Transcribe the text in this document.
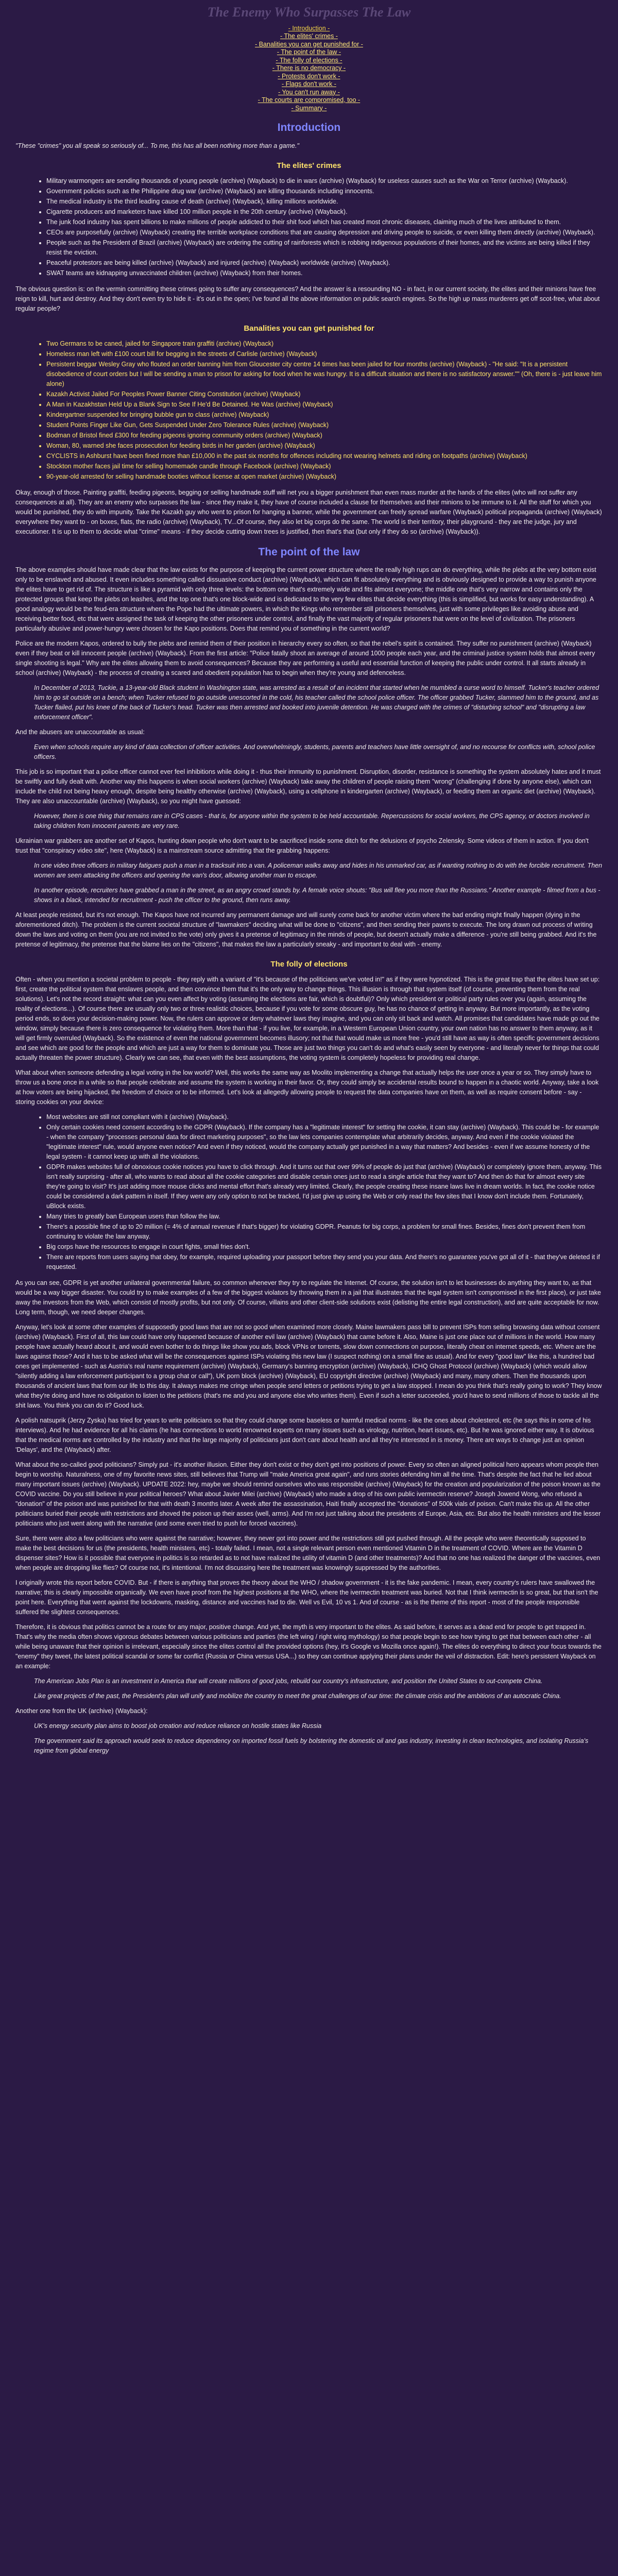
The Enemy Who Surpasses The Law
- Introduction -
- The elites' crimes -
- Banalities you can get punished for -
- The point of the law -
- The folly of elections -
- There is no democracy -
- Protests don't work -
- Flags don't work -
- You can't run away -
- The courts are compromised, too -
- Summary -
Introduction

"These "crimes" you all speak so seriously of... To me, this has all been nothing more than a game."

The elites' crimes
• Military warmongers are sending thousands of young people (archive) (Wayback) to die in wars (archive) (Wayback) for useless causes such as the War on Terror (archive) (Wayback).
• Government policies such as the Philippine drug war (archive) (Wayback) are killing thousands including innocents.
• The medical industry is the third leading cause of death (archive) (Wayback), killing millions worldwide.
• Cigarette producers and marketers have killed 100 million people in the 20th century (archive) (Wayback).
• The junk food industry has spent billions to make millions of people addicted to their shit food which has created most chronic diseases, claiming much of the lives attributed to them.
• CEOs are purposefully (archive) (Wayback) creating the terrible workplace conditions that are causing depression and driving people to suicide, or even killing them directly (archive) (Wayback).
• People such as the President of Brazil (archive) (Wayback) are ordering the cutting of rainforests which is robbing indigenous populations of their homes, and the victims are being killed if they resist the eviction.
• Peaceful protestors are being killed (archive) (Wayback) and injured (archive) (Wayback) worldwide (archive) (Wayback).
• SWAT teams are kidnapping unvaccinated children (archive) (Wayback) from their homes.

The obvious question is: on the vermin committing these crimes going to suffer any consequences? And the answer is a resounding NO - in fact, in our current society, the elites and their minions have free reign to kill, hurt and destroy. And they don't even try to hide it - it's out in the open; I've found all the above information on public search engines. So the high up mass murderers get off scot-free, what about regular people?

Banalities you can get punished for
• Two Germans to be caned, jailed for Singapore train graffiti (archive) (Wayback)
• Homeless man left with £100 court bill for begging in the streets of Carlisle (archive) (Wayback)
• Persistent beggar Wesley Gray who flouted an order banning him from Gloucester city centre 14 times has been jailed for four months (archive) (Wayback) - "He said: "It is a persistent disobedience of court orders but I will be sending a man to prison for asking for food when he was hungry. It is a difficult situation and there is no satisfactory answer."" (Oh, there is - just leave him alone)
• Kazakh Activist Jailed For Peoples Power Banner Citing Constitution (archive) (Wayback)
• A Man in Kazakhstan Held Up a Blank Sign to See If He'd Be Detained. He Was (archive) (Wayback)
• Kindergartner suspended for bringing bubble gun to class (archive) (Wayback)
• Student Points Finger Like Gun, Gets Suspended Under Zero Tolerance Rules (archive) (Wayback)
• Bodman of Bristol fined £300 for feeding pigeons ignoring community orders (archive) (Wayback)
• Woman, 80, warned she faces prosecution for feeding birds in her garden (archive) (Wayback)
• CYCLISTS in Ashburst have been fined more than £10,000 in the past six months for offences including not wearing helmets and riding on footpaths (archive) (Wayback)
• Stockton mother faces jail time for selling homemade candle through Facebook (archive) (Wayback)
• 90-year-old arrested for selling handmade booties without license at open market (archive) (Wayback)

Okay, enough of those. Painting graffiti, feeding pigeons, begging or selling handmade stuff will net you a bigger punishment than even mass murder at the hands of the elites (who will not suffer any consequences at all). They are an enemy who surpasses the law - since they make it, they have of course included a clause for themselves and their minions to be immune to it. All the stuff for which you would be punished, they do with impunity. Take the Kazakh guy who went to prison for hanging a banner, while the government can freely spread warfare (Wayback) political propaganda (archive) (Wayback) everywhere they want to - on boxes, flats, the radio (archive) (Wayback), TV...Of course, they also let big corps do the same. The world is their territory, their playground - they are the judge, jury and executioner. It is up to them to decide what "crime" means - if they decide cutting down trees is justified, then that's that (but only if they do so (archive) (Wayback)).

The point of the law

The above examples should have made clear that the law exists for the purpose of keeping the current power structure where the really high rups can do everything, while the plebs at the very bottom exist only to be enslaved and abused. It even includes something called dissuasive conduct (archive) (Wayback), which can fit absolutely everything and is obviously designed to provide a way to punish anyone the elites have to get rid of. The structure is like a pyramid with only three levels: the bottom one that's extremely wide and fits almost everyone; the middle one that's very narrow and contains only the protected groups that keep the plebs on leashes, and the top one that's one block-wide and is dedicated to the very few elites that decide everything (this is simplified, but works for easy understanding). A good analogy would be the feud-era structure where the Pope had the ultimate powers, in which the Kings who remember still prisoners themselves, just with some privileges like avoiding abuse and receiving better food, etc that were assigned the task of keeping the other prisoners under control, and finally the vast majority of regular prisoners that were on the level of civilization. The prisoners particularly abusive and power-hungry were chosen for the Kapo positions. Does that remind you of something in the current world?

Police are the modern Kapos, ordered to bully the plebs and remind them of their position in hierarchy every so often, so that the rebel's spirit is contained. They suffer no punishment (archive) (Wayback) even if they beat or kill innocent people (archive) (Wayback). From the first article: "Police fatally shoot an average of around 1000 people each year, and the criminal justice system holds that almost every single shooting is legal." Why are the elites allowing them to avoid consequences? Because they are performing a useful and essential function of keeping the public under control. It all starts already in school (archive) (Wayback) - the process of creating a scared and obedient population has to begin when they're young and defenceless.

In December of 2013, Tuckie, a 13-year-old Black student in Washington state, was arrested as a result of an incident that started when he mumbled a curse word to himself. Tucker's teacher ordered him to go sit outside on a bench; when Tucker refused to go outside unescorted in the cold, his teacher called the school police officer. The officer grabbed Tucker, slammed him to the ground, and as Tucker flailed, put his knee of the back of Tucker's head. Tucker was then arrested and booked into juvenile detention. He was charged with the crimes of "disturbing school" and "disrupting a law enforcement officer".

And the abusers are unaccountable as usual:

Even when schools require any kind of data collection of officer activities. And overwhelmingly, students, parents and teachers have little oversight of, and no recourse for conflicts with, school police officers.

This job is so important that a police officer cannot ever feel inhibitions while doing it - thus their immunity to punishment. Disruption, disorder, resistance is something the system absolutely hates and it must be swiftly and fully dealt with. Another way this happens is when social workers (archive) (Wayback) take away the children of people raising them "wrong" (challenging if done by anyone else), which can include the child not being heavy enough, despite being healthy otherwise (archive) (Wayback), using a cellphone in kindergarten (archive) (Wayback), or feeding them an organic diet (archive) (Wayback). They are also unaccountable (archive) (Wayback), so you might have guessed:

However, there is one thing that remains rare in CPS cases - that is, for anyone within the system to be held accountable. Repercussions for social workers, the CPS agency, or doctors involved in taking children from innocent parents are very rare.

Ukrainian war grabbers are another set of Kapos, hunting down people who don't want to be sacrificed inside some ditch for the delusions of psycho Zelensky. Some videos of them in action. If you don't trust that "conspiracy video site", here (Wayback) is a mainstream source admitting that the grabbing happens:

In one video three officers in military fatigues push a man in a tracksuit into a van. A policeman walks away and hides in his unmarked car, as if wanting nothing to do with the forcible recruitment. Then women are seen attacking the officers and opening the van's door, allowing another man to escape.

In another episode, recruiters have grabbed a man in the street, as an angry crowd stands by. A female voice shouts: "Bus will flee you more than the Russians." Another example - filmed from a bus - shows in a black, intended for recruitment - push the officer to the ground, then runs away.

At least people resisted, but it's not enough. The Kapos have not incurred any permanent damage and will surely come back for another victim where the bad ending might finally happen (dying in the aforementioned ditch). The problem is the current societal structure of "lawmakers" deciding what will be done to "citizens", and then sending their pawns to execute. The long drawn out process of writing down the laws and voting on them (you are not invited to the vote) only gives it a pretense of legitimacy in the minds of people, but doesn't actually make a difference - you're still being grabbed. And it's the pretense of legitimacy, the pretense that the blame lies on the "citizens", that makes the law a particularly sneaky - and important to deal with - enemy.

The folly of elections

Often - when you mention a societal problem to people - they reply with a variant of "it's because of the politicians we've voted in!" as if they were hypnotized. This is the great trap that the elites have set up: first, create the political system that enslaves people, and then convince them that it's the only way to change things. This illusion is through that system itself (of course, preventing them from the real solutions). Let's not the record straight: what can you even affect by voting (assuming the elections are fair, which is doubtful)? Only which president or political party rules over you (again, assuming the reality of elections...). Of course there are usually only two or three realistic choices, because if you vote for some obscure guy, he has no chance of getting in anyway. But more importantly, as the voting period ends, so does your decision-making power. Now, the rulers can approve or deny whatever laws they imagine, and you can only sit back and watch. All promises that candidates have made go out the window, simply because there is zero consequence for violating them. More than that - if you live, for example, in a Western European Union country, your own nation has no answer to them anyway, as it will get firmly overruled (Wayback). So the existence of even the national government becomes illusory; not that that would make us more free - you'd still have as way is often specific government decisions and see which are good for the people and which are just a way for them to dominate you. Those are just two things you can't do and what's easily seen by everyone - and literally never for things that could actually threaten the power structure). Clearly we can see, that even with the best assumptions, the voting system is completely hopeless for providing real change.

What about when someone defending a legal voting in the low world? Well, this works the same way as Moolito implementing a change that actually helps the user once a year or so. They simply have to throw us a bone once in a while so that people celebrate and assume the system is working in their favor. Or, they could simply be accidental results bound to happen in a chaotic world. Anyway, take a look at how voters are being hijacked, the freedom of choice or to be informed. Let's look at allegedly allowing people to request the data companies have on them, as well as require consent before - say - storing cookies on your device:

• Most websites are still not compliant with it (archive) (Wayback).
• Only certain cookies need consent according to the GDPR (Wayback). If the company has a "legitimate interest" for setting the cookie, it can stay (archive) (Wayback). This could be - for example - when the company "processes personal data for direct marketing purposes", so the law lets companies contemplate what arbitrarily decides, anyway. And even if the cookie violated the "legitimate interest" rule, would anyone even notice? And even if they noticed, would the company actually get punished in a way that matters? And besides - even if we assume honesty of the legal system - it cannot keep up with all the violations.
• GDPR makes websites full of obnoxious cookie notices you have to click through. And it turns out that over 99% of people do just that (archive) (Wayback) or completely ignore them, anyway. This isn't really surprising - after all, who wants to read about all the cookie categories and disable certain ones just to read a single article that they want to? And then do that for almost every site they're going to visit? It's just adding more mouse clicks and mental effort that's already very limited. Clearly, the people creating these insane laws live in dream worlds. In fact, the cookie notice could be considered a dark pattern in itself. If they were any only option to not be tracked, I'd just give up using the Web or only read the few sites that I know don't include them. Fortunately, uBlock exists.
• Many tries to greatly ban European users than follow the law.
• There's a possible fine of up to 20 million (= 4% of annual revenue if that's bigger) for violating GDPR. Peanuts for big corps, a problem for small fines. Besides, fines don't prevent them from continuing to violate the law anyway.
• Big corps have the resources to engage in court fights, small fries don't.
• There are reports from users saying that obey, for example, required uploading your passport before they send you your data. And there's no guarantee you've got all of it - that they've deleted it if requested.

As you can see, GDPR is yet another unilateral governmental failure, so common whenever they try to regulate the Internet. Of course, the solution isn't to let businesses do anything they want to, as that would be a way bigger disaster. You could try to make examples of a few of the biggest violators by throwing them in a jail that illustrates that the legal system isn't compromised in the first place), or just take away the investors from the Web, which consist of mostly profits, but not only. Of course, villains and other client-side solutions exist (delisting the entire legal construction), and are quite acceptable for now. Long term, though, we need deeper changes.

Anyway, let's look at some other examples of supposedly good laws that are not so good when examined more closely. Maine lawmakers pass bill to prevent ISPs from selling browsing data without consent (archive) (Wayback). First of all, this law could have only happened because of another evil law (archive) (Wayback) that came before it. Also, Maine is just one place out of millions in the world. How many people have actually heard about it, and would even bother to do things like show you ads, block VPNs or torrents, slow down connections on purpose, literally cheat on internet speeds, etc. Where are the laws against those? And it has to be asked what will be the consequences against ISPs violating this new law (I suspect nothing) on a small fine as usual). And for every "good law" like this, a hundred bad ones get implemented - such as Austria's real name requirement (archive) (Wayback), Germany's banning encryption (archive) (Wayback), ICHQ Ghost Protocol (archive) (Wayback) (which would allow "silently adding a law enforcement participant to a group chat or call"), UK porn block (archive) (Wayback), EU copyright directive (archive) (Wayback) and many, many others. Then the thousands upon thousands of ancient laws that form our life to this day. It always makes me cringe when people send letters or petitions trying to get a law stopped. I mean do you think that's really going to work? They know what they're doing and have no obligation to listen to the petitions (that's me and you and anyone else who writes them). Even if such a letter succeeded, you'd have to send millions of those to tackle all the shit laws. You think you can do it? Good luck.

A polish natsuprik (Jerzy Zyska) has tried for years to write politicians so that they could change some baseless or harmful medical norms - like the ones about cholesterol, etc (he says this in some of his interviews). And he had evidence for all his claims (he has connections to world renowned experts on many issues such as virology, nutrition, heart issues, etc). But he was ignored either way. It is obvious that the medical norms are controlled by the industry and that the large majority of politicians just don't care about health and all they're interested in is money. There are ways to change just an opinion 'Delays', and the (Wayback) after.

What about the so-called good politicians? Simply put - it's another illusion. Either they don't exist or they don't get into positions of power. Every so often an aligned political hero appears whom people then begin to worship. Naturalness, one of my favorite news sites, still believes that Trump will "make America great again", and runs stories defending him all the time. That's despite the fact that he lied about many important issues (archive) (Wayback). UPDATE 2022: hey, maybe we should remind ourselves who was responsible (archive) (Wayback) for the creation and popularization of the poison known as the COVID vaccine. Do you still believe in your political heroes? What about Javier Milei (archive) (Wayback) who made a drop of his own public ivermectin reserve? Joseph Jowend Wong, who refused a "donation" of the poison and was punished for that with death 3 months later. A week after the assassination, Haiti finally accepted the "donations" of 500k vials of poison. Can't make this up. All the other politicians buried their people with restrictions and shoved the poison up their asses (well, arms). And I'm not just talking about the presidents of Europe, Asia, etc. But also the health ministers and the lesser politicians who just went along with the narrative (and some even tried to push for forced vaccines).

Sure, there were also a few politicians who were against the narrative; however, they never got into power and the restrictions still got pushed through. All the people who were theoretically supposed to make the best decisions for us (the presidents, health ministers, etc) - totally failed. I mean, not a single relevant person even mentioned Vitamin D in the treatment of COVID. Where are the Vitamin D dispenser sites? How is it possible that everyone in politics is so retarded as to not have realized the utility of vitamin D (and other treatments)? And that no one has realized the danger of the vaccines, even when people are dropping like flies? Of course not, it's intentional. I'm not discussing here the treatment was knowingly suppressed by the authorities.

I originally wrote this report before COVID. But - if there is anything that proves the theory about the WHO / shadow government - it is the fake pandemic. I mean, every country's rulers have swallowed the narrative; this is clearly impossible organically. We even have proof from the highest positions at the WHO, where the ivermectin treatment was buried. Not that I think ivermectin is so great, but that isn't the point here. Everything that went against the lockdowns, masking, distance and vaccines had to die. Well vs Evil, 10 vs 1. And of course - as is the theme of this report - most of the people responsible suffered the slightest consequences.

Therefore, it is obvious that politics cannot be a route for any major, positive change. And yet, the myth is very important to the elites. As said before, it serves as a dead end for people to get trapped in. That's why the media often shows vigorous debates between various politicians and parties (the left wing / right wing mythology) so that people begin to see how trying to get that between each other - all while being unaware that their opinion is irrelevant, especially since the elites control all the provided options (hey, it's Google vs Mozilla once again!). The elites do everything to direct your focus towards the "enemy" they tweet, the latest political scandal or some far conflict (Russia or China versus USA...) so they can continue applying their plans under the veil of distraction. Edit: here's persistent Wayback on an example:

The American Jobs Plan is an investment in America that will create millions of good jobs, rebuild our country's infrastructure, and position the United States to out-compete China.

Like great projects of the past, the President's plan will unify and mobilize the country to meet the great challenges of our time: the climate crisis and the ambitions of an autocratic China.

Another one from the UK (archive) (Wayback):

UK's energy security plan aims to boost job creation and reduce reliance on hostile states like Russia

The government said its approach would seek to reduce dependency on imported fossil fuels by bolstering the domestic oil and gas industry, investing in clean technologies, and isolating Russia's regime from global energy
